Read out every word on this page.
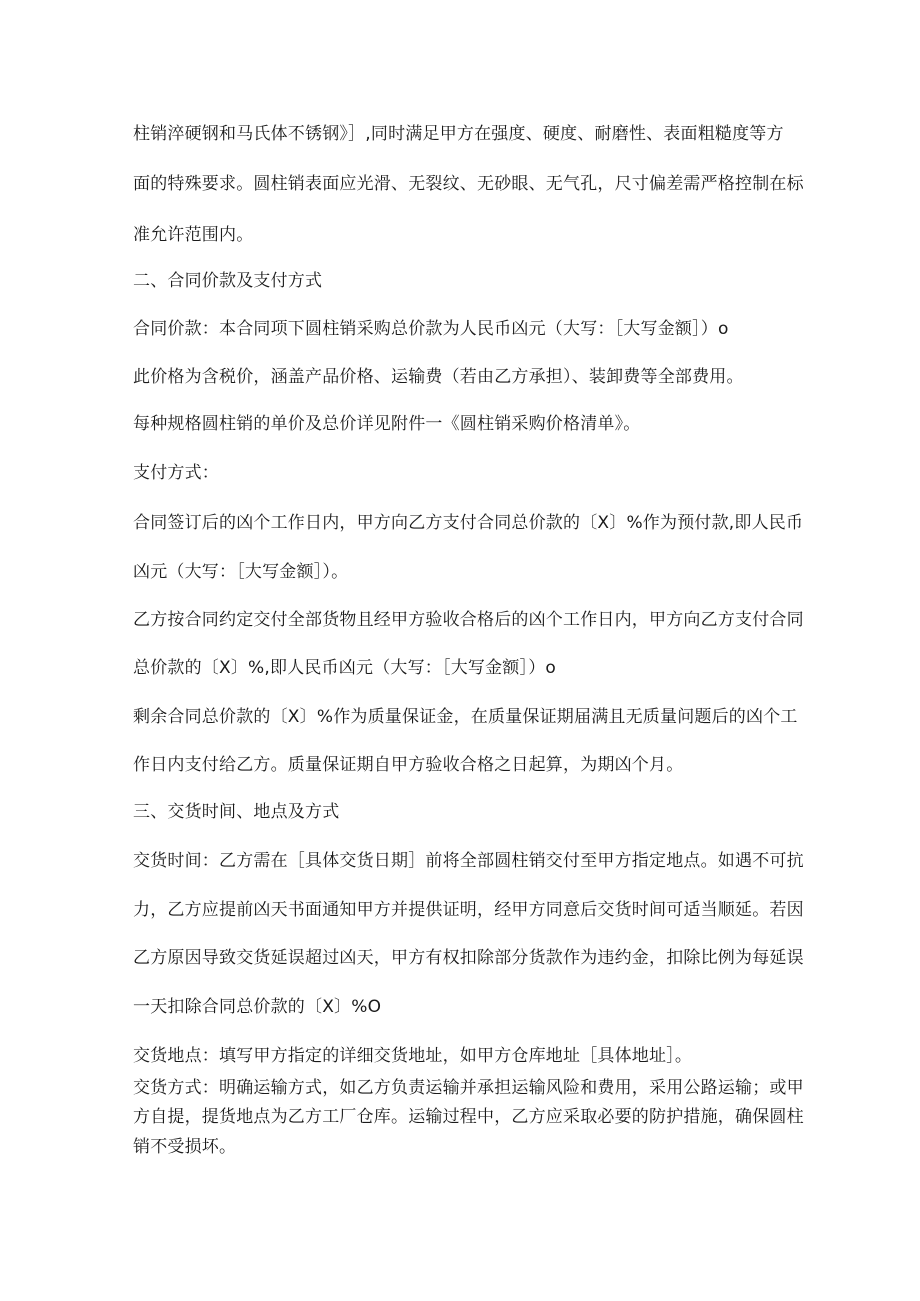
柱销淬硬钢和马氏体不锈钢》］,同时满足甲方在强度、硬度、耐磨性、表面粗糙度等方
面的特殊要求。圆柱销表面应光滑、无裂纹、无砂眼、无气孔，尺寸偏差需严格控制在标
准允许范围内。
二、合同价款及支付方式
合同价款：本合同项下圆柱销采购总价款为人民币凶元（大写：［大写金额］）o
此价格为含税价，涵盖产品价格、运输费（若由乙方承担）、装卸费等全部费用。
每种规格圆柱销的单价及总价详见附件一《圆柱销采购价格清单》。
支付方式：
合同签订后的凶个工作日内，甲方向乙方支付合同总价款的〔X〕%作为预付款,即人民币
凶元（大写：［大写金额］）。
乙方按合同约定交付全部货物且经甲方验收合格后的凶个工作日内，甲方向乙方支付合同
总价款的〔X〕%,即人民币凶元（大写：［大写金额］）o
剩余合同总价款的〔X〕%作为质量保证金，在质量保证期届满且无质量问题后的凶个工
作日内支付给乙方。质量保证期自甲方验收合格之日起算，为期凶个月。
三、交货时间、地点及方式
交货时间：乙方需在［具体交货日期］前将全部圆柱销交付至甲方指定地点。如遇不可抗
力，乙方应提前凶天书面通知甲方并提供证明，经甲方同意后交货时间可适当顺延。若因
乙方原因导致交货延误超过凶天，甲方有权扣除部分货款作为违约金，扣除比例为每延误
一天扣除合同总价款的〔X〕%O
交货地点：填写甲方指定的详细交货地址，如甲方仓库地址［具体地址］。
交货方式：明确运输方式，如乙方负责运输并承担运输风险和费用，采用公路运输；或甲
方自提，提货地点为乙方工厂仓库。运输过程中，乙方应采取必要的防护措施，确保圆柱
销不受损坏。
